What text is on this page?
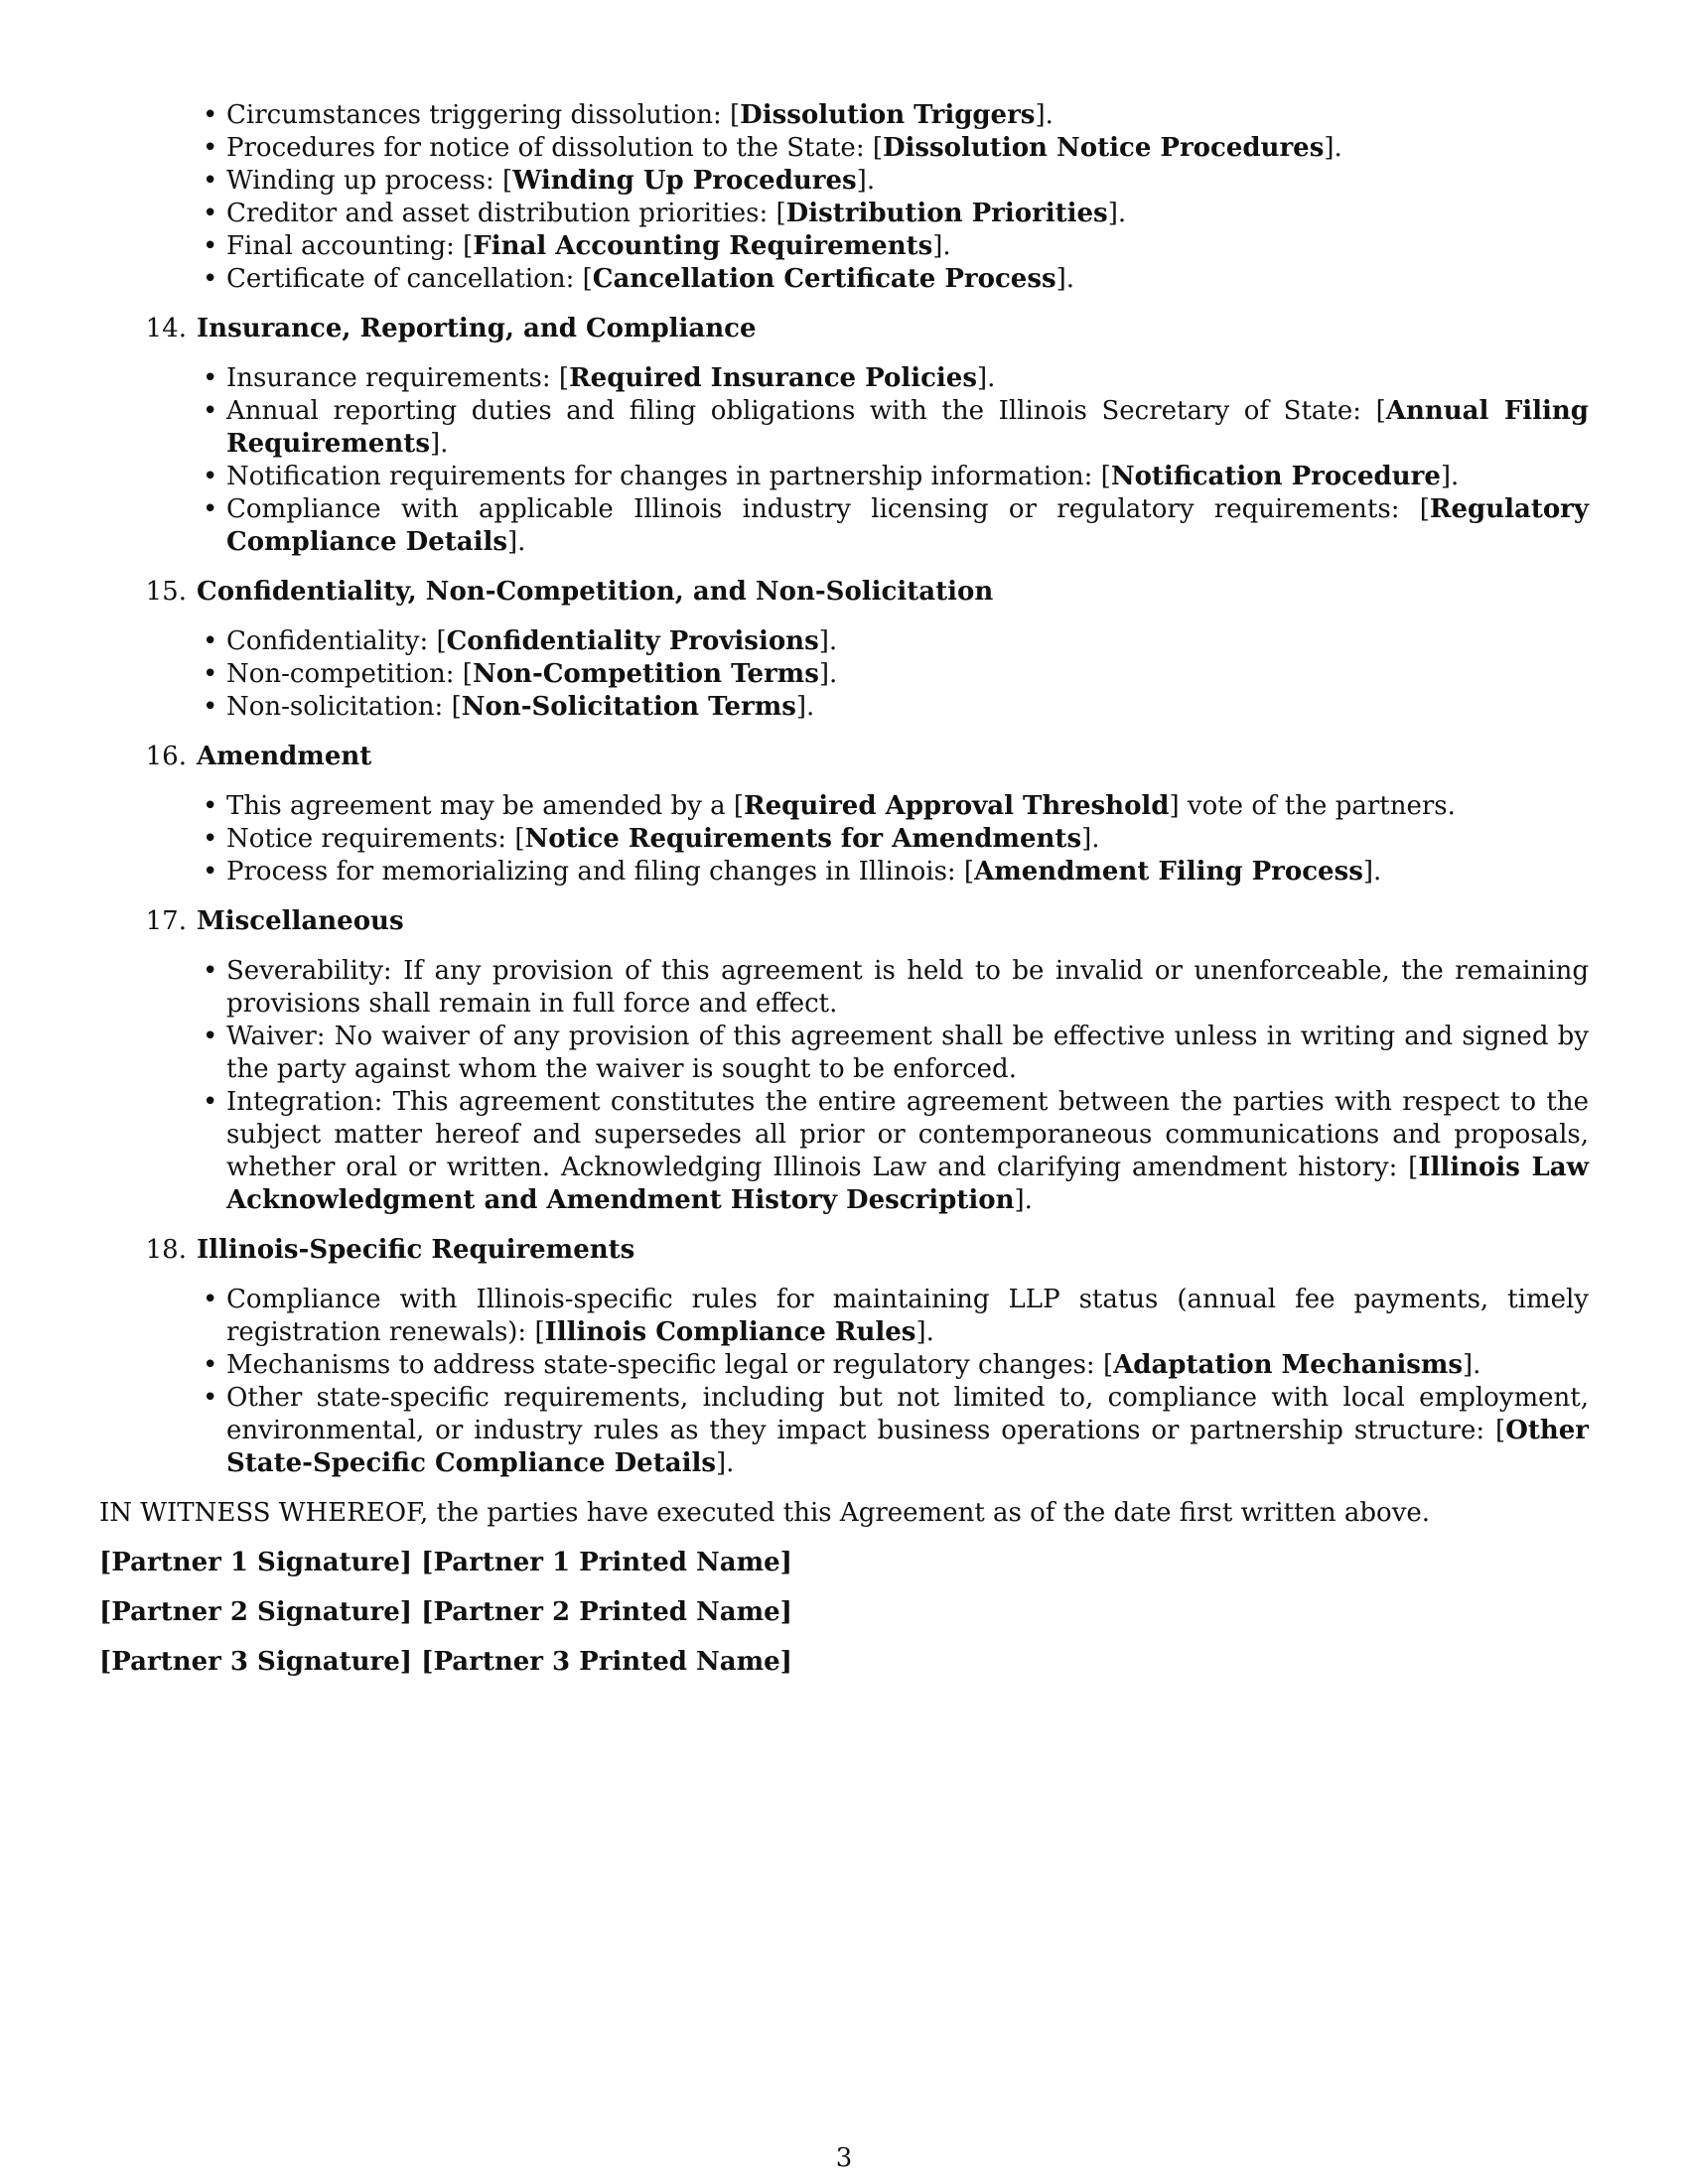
• Circumstances triggering dissolution: [Dissolution Triggers].
• Procedures for notice of dissolution to the State: [Dissolution Notice Procedures].
• Winding up process: [Winding Up Procedures].
• Creditor and asset distribution priorities: [Distribution Priorities].
• Final accounting: [Final Accounting Requirements].
• Certificate of cancellation: [Cancellation Certificate Process].
14. Insurance, Reporting, and Compliance
• Insurance requirements: [Required Insurance Policies].
• Annual reporting duties and filing obligations with the Illinois Secretary of State: [Annual Filing Requirements].
• Notification requirements for changes in partnership information: [Notification Procedure].
• Compliance with applicable Illinois industry licensing or regulatory requirements: [Regulatory Compliance Details].
15. Confidentiality, Non-Competition, and Non-Solicitation
• Confidentiality: [Confidentiality Provisions].
• Non-competition: [Non-Competition Terms].
• Non-solicitation: [Non-Solicitation Terms].
16. Amendment
• This agreement may be amended by a [Required Approval Threshold] vote of the partners.
• Notice requirements: [Notice Requirements for Amendments].
• Process for memorializing and filing changes in Illinois: [Amendment Filing Process].
17. Miscellaneous
• Severability: If any provision of this agreement is held to be invalid or unenforceable, the remaining provisions shall remain in full force and effect.
• Waiver: No waiver of any provision of this agreement shall be effective unless in writing and signed by the party against whom the waiver is sought to be enforced.
• Integration: This agreement constitutes the entire agreement between the parties with respect to the subject matter hereof and supersedes all prior or contemporaneous communications and proposals, whether oral or written. Acknowledging Illinois Law and clarifying amendment history: [Illinois Law Acknowledgment and Amendment History Description].
18. Illinois-Specific Requirements
• Compliance with Illinois-specific rules for maintaining LLP status (annual fee payments, timely registration renewals): [Illinois Compliance Rules].
• Mechanisms to address state-specific legal or regulatory changes: [Adaptation Mechanisms].
• Other state-specific requirements, including but not limited to, compliance with local employment, environmental, or industry rules as they impact business operations or partnership structure: [Other State-Specific Compliance Details].

IN WITNESS WHEREOF, the parties have executed this Agreement as of the date first written above.

[Partner 1 Signature] [Partner 1 Printed Name]
[Partner 2 Signature] [Partner 2 Printed Name]
[Partner 3 Signature] [Partner 3 Printed Name]
3
